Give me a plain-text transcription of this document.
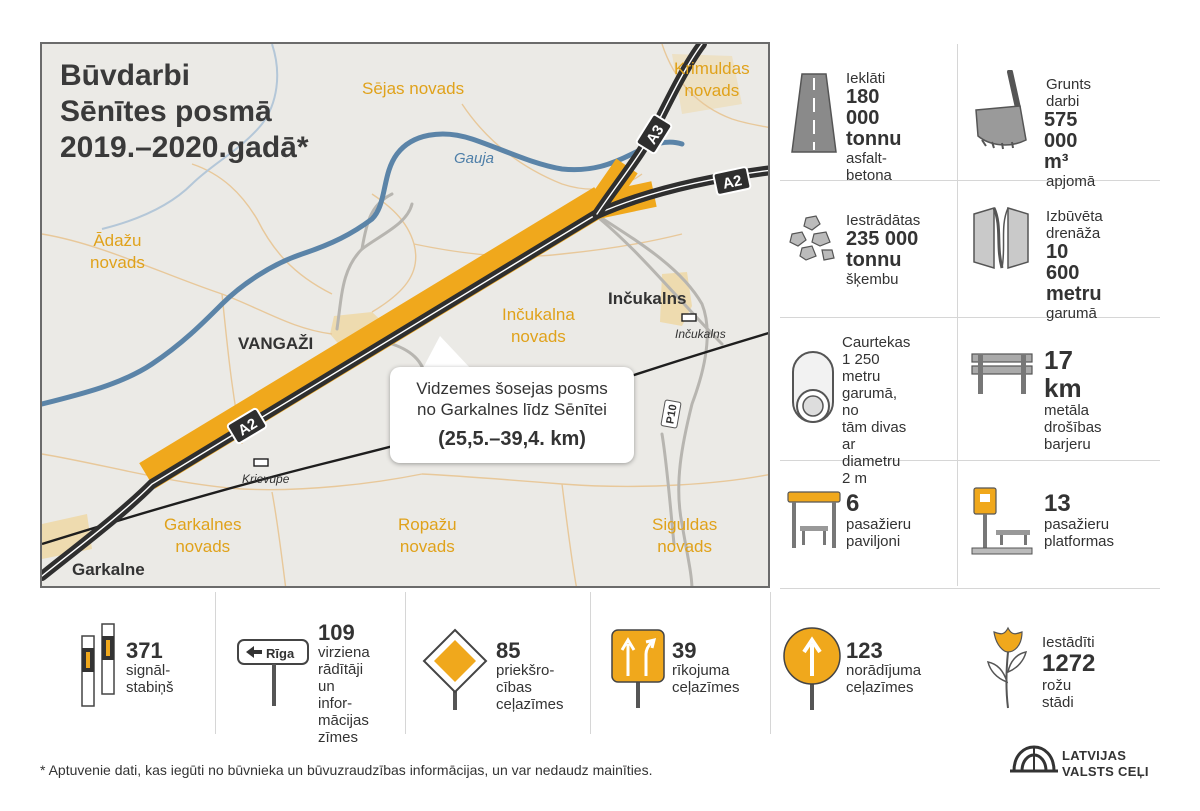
A2
A2
A3
P10
Būvdarbi
Sēnītes posmā
2019.–2020.gadā*
Sējas novads
Krimuldas
novads
Ādažu
novads
Inčukalna
novads
Garkalnes
novads
Ropažu
novads
Siguldas
novads
VANGAŽI
Inčukalns
Garkalne
Inčukalns
Krievupe
Gauja
Vidzemes šosejas posms
no Garkalnes līdz Sēnītei
(25,5.–39,4. km)
Ieklāti
180 000
tonnu
asfalt-
betona
Grunts
darbi
575 000 m³
apjomā
Iestrādātas
235 000
tonnu
šķembu
Izbūvēta
drenāža
10 600
metru
garumā
Caurtekas
1 250 metru
garumā, no
tām divas
ar diametru
2 m
17 km
metāla
drošības
barjeru
6
pasažieru
paviljoni
13
pasažieru
platformas
371
signāl-
stabiņš
Rīga
109
virziena
rādītāji
un infor-
mācijas
zīmes
85
priekšro-
cības
ceļazīmes
39
rīkojuma
ceļazīmes
123
norādījuma
ceļazīmes
Iestādīti
1272
rožu stādi
* Aptuvenie dati, kas iegūti no būvnieka un būvuzraudzības informācijas, un var nedaudz mainīties.
LATVIJAS
VALSTS CEĻI
